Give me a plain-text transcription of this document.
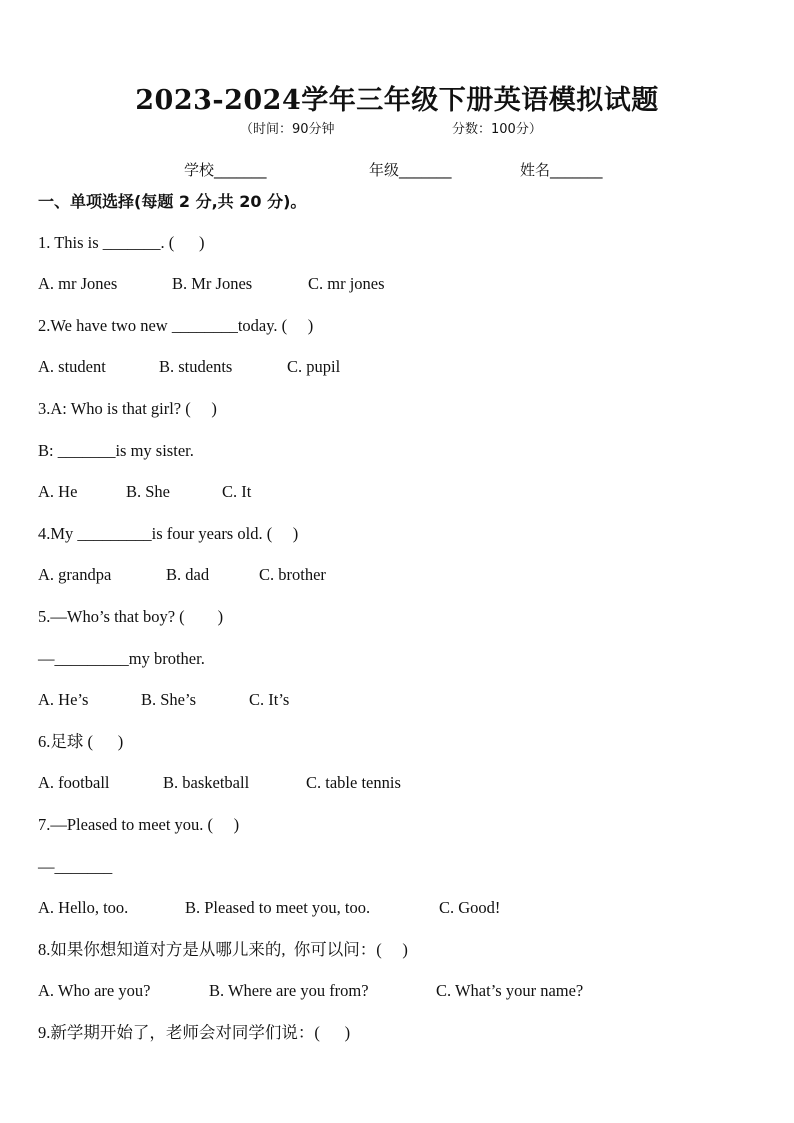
2023-2024学年三年级下册英语模拟试题
（时间：90分钟	分数：100分）
学校_______	年级_______	姓名_______
一、单项选择(每题 2 分,共 20 分)。
1. This is _______. (      )

A. mr Jones

	B. Mr Jones

	C. mr jones

2.We have two new ________today. (     )

A. student

	B. students

	C. pupil

3.A: Who is that girl? (     )
B: _______is my sister.

A. He

	B. She

	C. It

4.My _________is four years old. (     )

A. grandpa

	B. dad

	C. brother

5.—Who’s that boy? (        )
—_________my brother.

A. He’s

	B. She’s

	C. It’s

6.足球 (      )

A. football

	B. basketball

	C. table tennis

7.—Pleased to meet you. (     )
—_______

A. Hello, too.

	B. Pleased to meet you, too.

	C. Good!

8.如果你想知道对方是从哪儿来的,  你可以问：(     )

A. Who are you?

	B. Where are you from?

	C. What’s your name?

9.新学期开始了，老师会对同学们说：(      )
